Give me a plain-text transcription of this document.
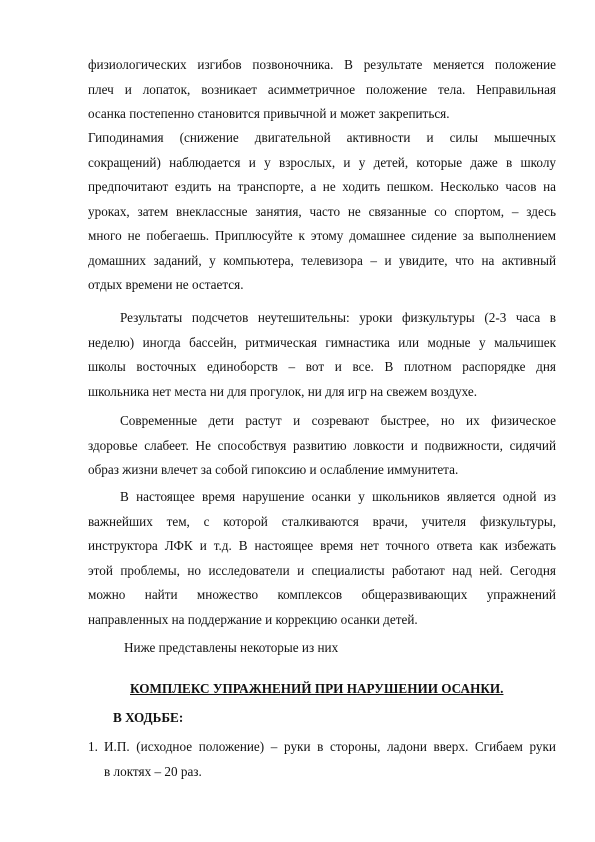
физиологических изгибов позвоночника. В результате меняется положение
плеч и лопаток, возникает асимметричное положение тела. Неправильная
осанка постепенно становится привычной и может закрепиться.
Гиподинамия (снижение двигательной активности и силы мышечных
сокращений) наблюдается и у взрослых, и у детей, которые даже в школу
предпочитают ездить на транспорте, а не ходить пешком. Несколько часов на
уроках, затем внеклассные занятия, часто не связанные со спортом, – здесь
много не побегаешь. Приплюсуйте к этому домашнее сидение за выполнением
домашних заданий, у компьютера, телевизора – и увидите, что на активный
отдых времени не остается.
Результаты подсчетов неутешительны: уроки физкультуры (2-3 часа в
неделю) иногда бассейн, ритмическая гимнастика или модные у мальчишек
школы восточных единоборств – вот и все. В плотном распорядке дня
школьника нет места ни для прогулок, ни для игр на свежем воздухе.
Современные дети растут и созревают быстрее, но их физическое
здоровье слабеет. Не способствуя развитию ловкости и подвижности, сидячий
образ жизни влечет за собой гипоксию и ослабление иммунитета.
В настоящее время нарушение осанки у школьников является одной из
важнейших тем, с которой сталкиваются врачи, учителя физкультуры,
инструктора ЛФК и т.д. В настоящее время нет точного ответа как избежать
этой проблемы, но исследователи и специалисты работают над ней. Сегодня
можно найти множество комплексов общеразвивающих упражнений
направленных на поддержание и коррекцию осанки детей.
Ниже представлены некоторые из них

КОМПЛЕКС УПРАЖНЕНИЙ ПРИ НАРУШЕНИИ ОСАНКИ.

В ХОДЬБЕ:

1. И.П. (исходное положение) – руки в стороны, ладони вверх. Сгибаем руки
в локтях – 20 раз.
